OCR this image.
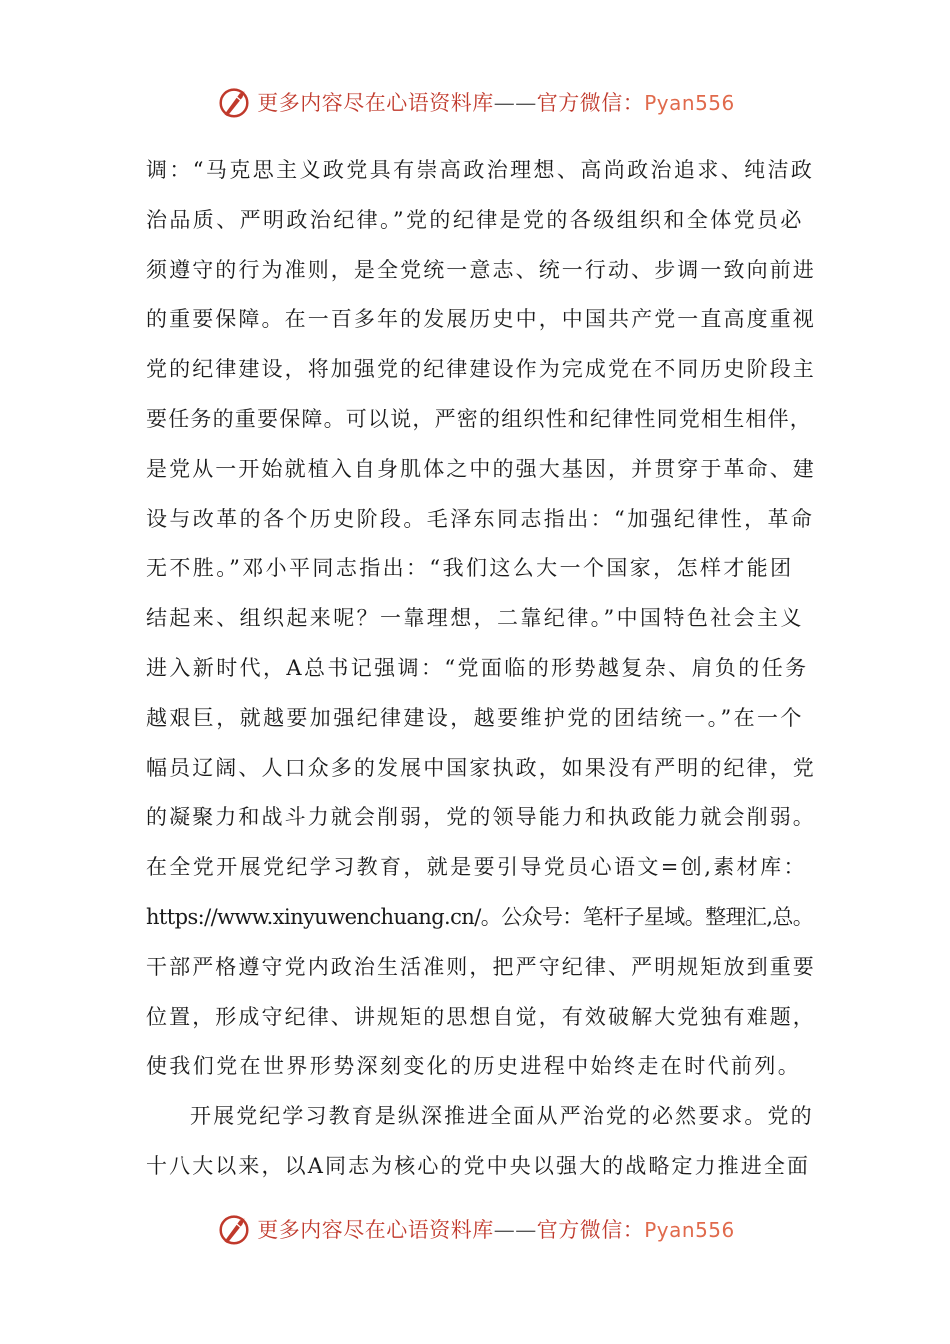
更多内容尽在心语资料库——官方微信：Pyan556
调：“马克思主义政党具有崇高政治理想、高尚政治追求、纯洁政
治品质、严明政治纪律。”党的纪律是党的各级组织和全体党员必
须遵守的行为准则，是全党统一意志、统一行动、步调一致向前进
的重要保障。在一百多年的发展历史中，中国共产党一直高度重视
党的纪律建设，将加强党的纪律建设作为完成党在不同历史阶段主
要任务的重要保障。可以说，严密的组织性和纪律性同党相生相伴，
是党从一开始就植入自身肌体之中的强大基因，并贯穿于革命、建
设与改革的各个历史阶段。毛泽东同志指出：“加强纪律性，革命
无不胜。”邓小平同志指出：“我们这么大一个国家，怎样才能团
结起来、组织起来呢？一靠理想，二靠纪律。”中国特色社会主义
进入新时代，A总书记强调：“党面临的形势越复杂、肩负的任务
越艰巨，就越要加强纪律建设，越要维护党的团结统一。”在一个
幅员辽阔、人口众多的发展中国家执政，如果没有严明的纪律，党
的凝聚力和战斗力就会削弱，党的领导能力和执政能力就会削弱。
在全党开展党纪学习教育，就是要引导党员心语文=创,素材库：
https://www.xinyuwenchuang.cn/。公众号：笔杆子星域。整理汇,总。
干部严格遵守党内政治生活准则，把严守纪律、严明规矩放到重要
位置，形成守纪律、讲规矩的思想自觉，有效破解大党独有难题，
使我们党在世界形势深刻变化的历史进程中始终走在时代前列。
开展党纪学习教育是纵深推进全面从严治党的必然要求。党的
十八大以来，以A同志为核心的党中央以强大的战略定力推进全面
更多内容尽在心语资料库——官方微信：Pyan556
